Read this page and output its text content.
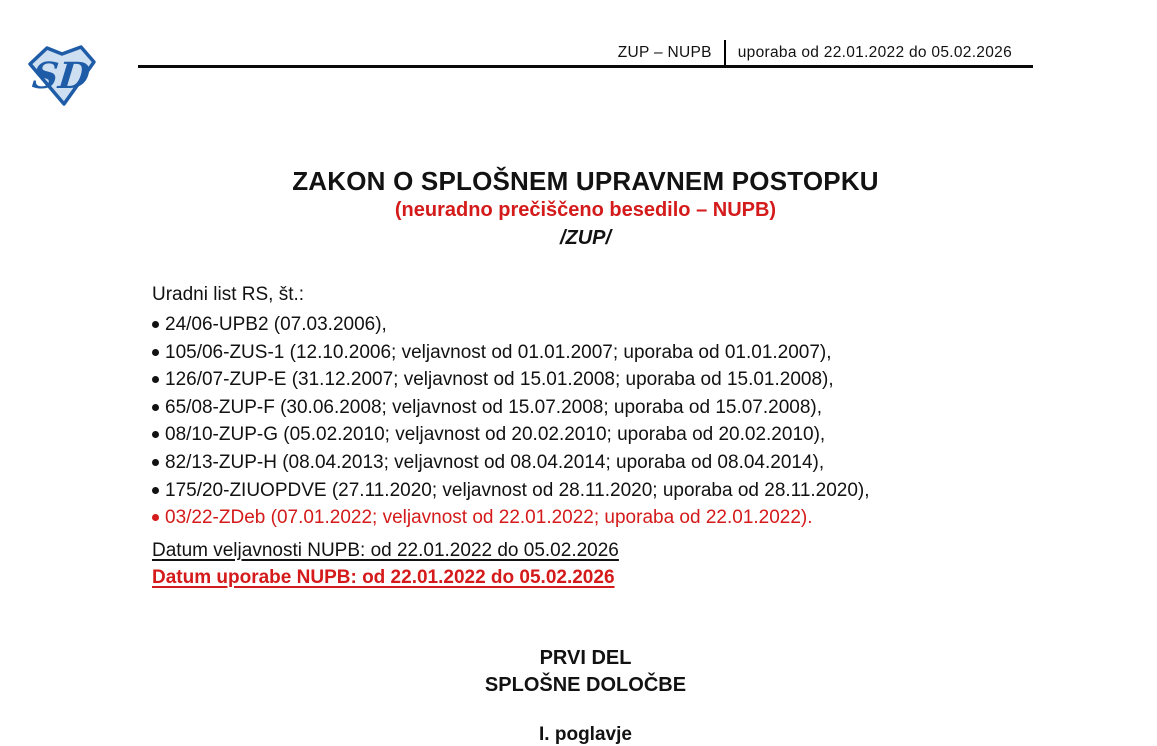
SD
ZUP – NUPB uporaba od 22.01.2022 do 05.02.2026
ZAKON O SPLOŠNEM UPRAVNEM POSTOPKU
(neuradno prečiščeno besedilo – NUPB)
/ZUP/
Uradni list RS, št.:
24/06-UPB2 (07.03.2006),
105/06-ZUS-1 (12.10.2006; veljavnost od 01.01.2007; uporaba od 01.01.2007),
126/07-ZUP-E (31.12.2007; veljavnost od 15.01.2008; uporaba od 15.01.2008),
65/08-ZUP-F (30.06.2008; veljavnost od 15.07.2008; uporaba od 15.07.2008),
08/10-ZUP-G (05.02.2010; veljavnost od 20.02.2010; uporaba od 20.02.2010),
82/13-ZUP-H (08.04.2013; veljavnost od 08.04.2014; uporaba od 08.04.2014),
175/20-ZIUOPDVE (27.11.2020; veljavnost od 28.11.2020; uporaba od 28.11.2020),
03/22-ZDeb (07.01.2022; veljavnost od 22.01.2022; uporaba od 22.01.2022).
Datum veljavnosti NUPB: od 22.01.2022 do 05.02.2026
Datum uporabe NUPB: od 22.01.2022 do 05.02.2026
PRVI DEL
SPLOŠNE DOLOČBE
I. poglavje
